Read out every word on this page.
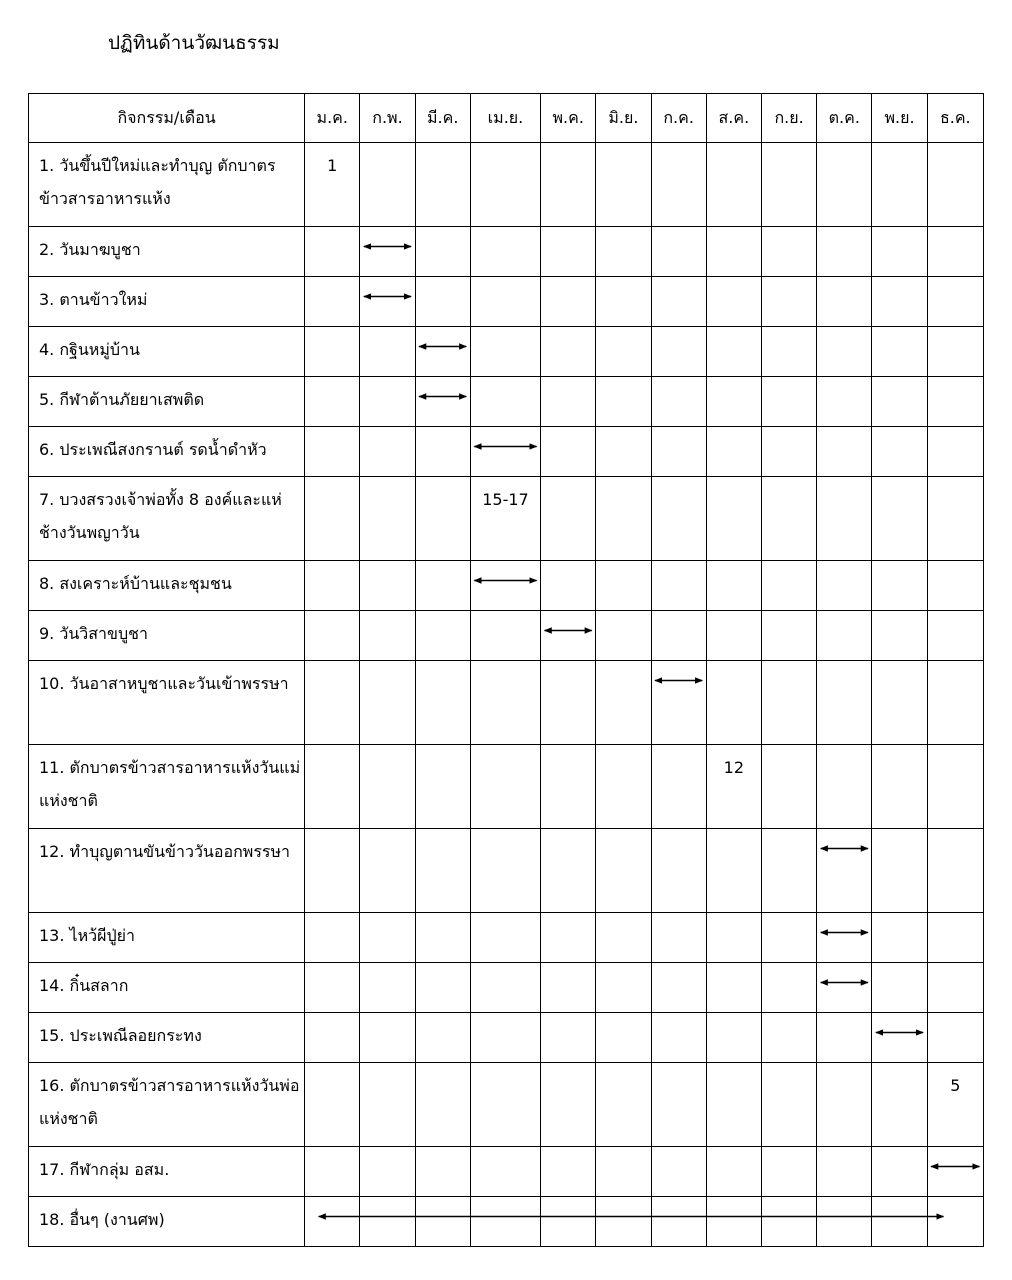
ปฏิทินด้านวัฒนธรรม
กิจกรรม/เดือน	ม.ค.	ก.พ.	มี.ค.	เม.ย.	พ.ค.	มิ.ย.	ก.ค.	ส.ค.	ก.ย.	ต.ค.	พ.ย.	ธ.ค.
1. วันขึ้นปีใหม่และทำบุญ ตักบาตรข้าวสารอาหารแห้ง	1											
2. วันมาฆบูชา												
3. ตานข้าวใหม่												
4. กฐินหมู่บ้าน												
5. กีฬาต้านภัยยาเสพติด												
6. ประเพณีสงกรานต์ รดน้ำดำหัว												
7. บวงสรวงเจ้าพ่อทั้ง 8 องค์และแห่ช้างวันพญาวัน				15-17								
8. สงเคราะห์บ้านและชุมชน												
9. วันวิสาขบูชา												
10. วันอาสาหบูชาและวันเข้าพรรษา												
11. ตักบาตรข้าวสารอาหารแห้งวันแม่แห่งชาติ								12				
12. ทำบุญตานขันข้าววันออกพรรษา												
13. ไหว้ผีปู่ย่า												
14. กิ๋นสลาก												
15. ประเพณีลอยกระทง												
16. ตักบาตรข้าวสารอาหารแห้งวันพ่อแห่งชาติ												5
17. กีฬากลุ่ม อสม.												
18. อื่นๆ (งานศพ)												
